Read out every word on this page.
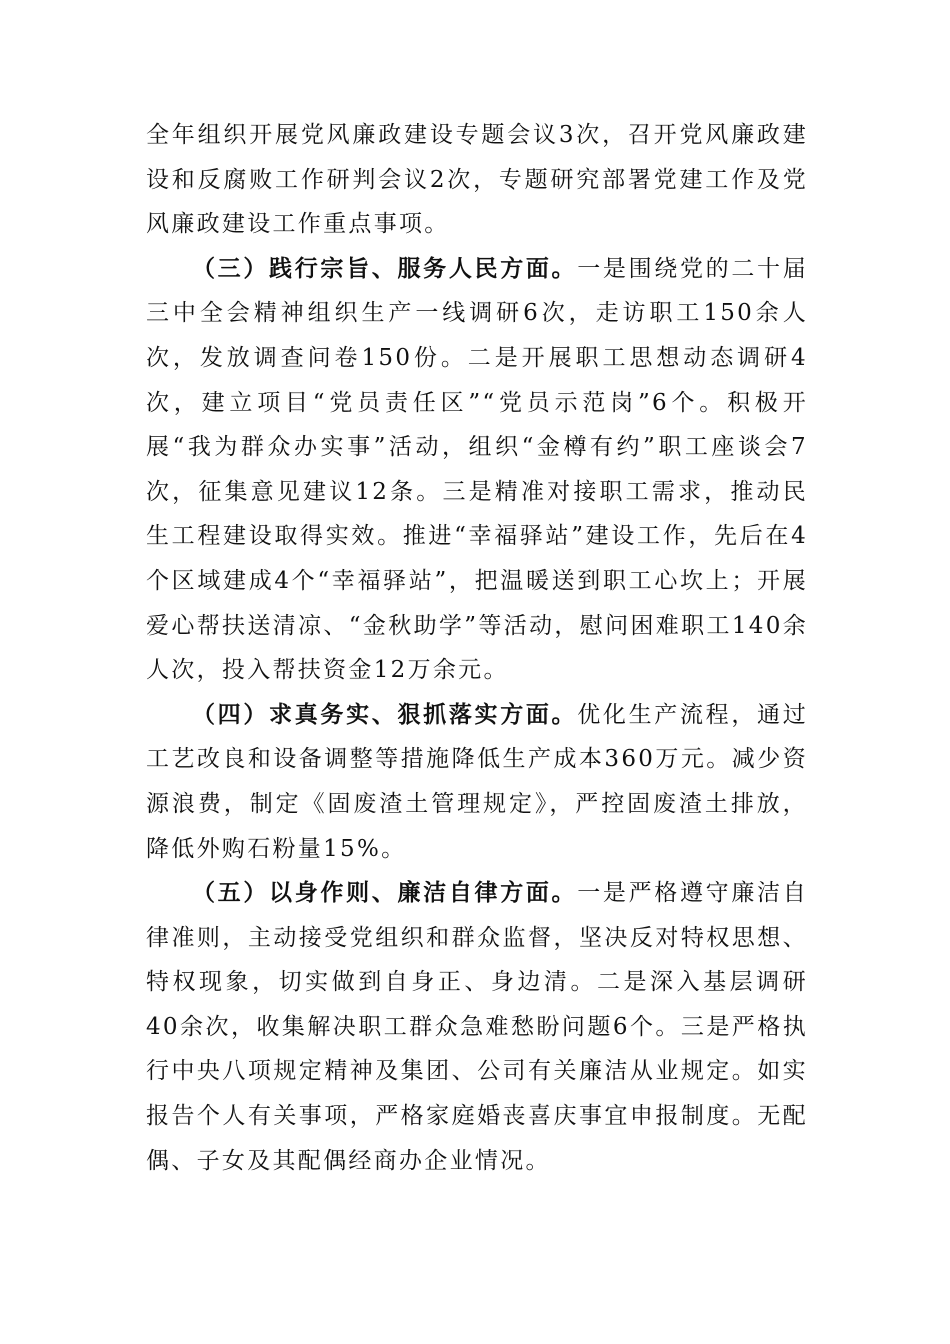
全年组织开展党风廉政建设专题会议3次，召开党风廉政建设和反腐败工作研判会议2次，专题研究部署党建工作及党风廉政建设工作重点事项。

（三）践行宗旨、服务人民方面。一是围绕党的二十届三中全会精神组织生产一线调研6次，走访职工150余人次，发放调查问卷150份。二是开展职工思想动态调研4次，建立项目“党员责任区”“党员示范岗”6个。积极开展“我为群众办实事”活动，组织“金樽有约”职工座谈会7次，征集意见建议12条。三是精准对接职工需求，推动民生工程建设取得实效。推进“幸福驿站”建设工作，先后在4个区域建成4个“幸福驿站”，把温暖送到职工心坎上；开展爱心帮扶送清凉、“金秋助学”等活动，慰问困难职工140余人次，投入帮扶资金12万余元。

（四）求真务实、狠抓落实方面。优化生产流程，通过工艺改良和设备调整等措施降低生产成本360万元。减少资源浪费，制定《固废渣土管理规定》，严控固废渣土排放，降低外购石粉量15%。

（五）以身作则、廉洁自律方面。一是严格遵守廉洁自律准则，主动接受党组织和群众监督，坚决反对特权思想、特权现象，切实做到自身正、身边清。二是深入基层调研40余次，收集解决职工群众急难愁盼问题6个。三是严格执行中央八项规定精神及集团、公司有关廉洁从业规定。如实报告个人有关事项，严格家庭婚丧喜庆事宜申报制度。无配偶、子女及其配偶经商办企业情况。
